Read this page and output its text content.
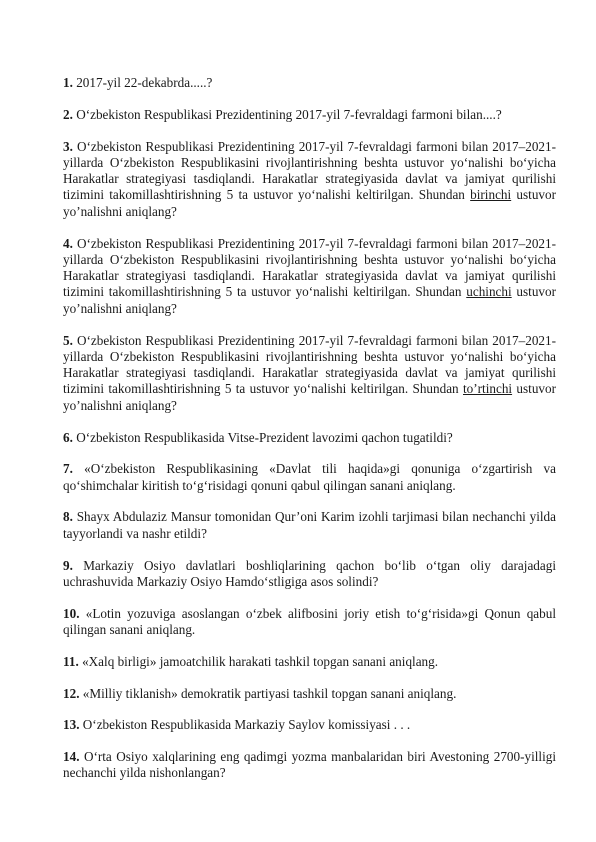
1. 2017-yil 22-dekabrda.....?

2. O‘zbekiston Respublikasi Prezidentining 2017-yil 7-fevraldagi farmoni bilan....?

3. O‘zbekiston Respublikasi Prezidentining 2017-yil 7-fevraldagi farmoni bilan 2017–2021-yillarda O‘zbekiston Respublikasini rivojlantirishning beshta ustuvor yo‘nalishi bo‘yicha Harakatlar strategiyasi tasdiqlandi. Harakatlar strategiyasida davlat va jamiyat qurilishi tizimini takomillashtirishning 5 ta ustuvor yo‘nalishi keltirilgan. Shundan birinchi ustuvor yo’nalishni aniqlang?

4. O‘zbekiston Respublikasi Prezidentining 2017-yil 7-fevraldagi farmoni bilan 2017–2021-yillarda O‘zbekiston Respublikasini rivojlantirishning beshta ustuvor yo‘nalishi bo‘yicha Harakatlar strategiyasi tasdiqlandi. Harakatlar strategiyasida davlat va jamiyat qurilishi tizimini takomillashtirishning 5 ta ustuvor yo‘nalishi keltirilgan. Shundan uchinchi ustuvor yo’nalishni aniqlang?

5. O‘zbekiston Respublikasi Prezidentining 2017-yil 7-fevraldagi farmoni bilan 2017–2021-yillarda O‘zbekiston Respublikasini rivojlantirishning beshta ustuvor yo‘nalishi bo‘yicha Harakatlar strategiyasi tasdiqlandi. Harakatlar strategiyasida davlat va jamiyat qurilishi tizimini takomillashtirishning 5 ta ustuvor yo‘nalishi keltirilgan. Shundan to’rtinchi ustuvor yo’nalishni aniqlang?

6. O‘zbekiston Respublikasida Vitse-Prezident lavozimi qachon tugatildi?

7. «O‘zbekiston Respublikasining «Davlat tili haqida»gi qonuniga o‘zgartirish va qo‘shimchalar kiritish to‘g‘risidagi qonuni qabul qilingan sanani aniqlang.

8. Shayx Abdulaziz Mansur tomonidan Qur’oni Karim izohli tarjimasi bilan nechanchi yilda tayyorlandi va nashr etildi?

9. Markaziy Osiyo davlatlari boshliqlarining qachon bo‘lib o‘tgan oliy darajadagi uchrashuvida Markaziy Osiyo Hamdo‘stligiga asos solindi?

10. «Lotin yozuviga asoslangan o‘zbek alifbosini joriy etish to‘g‘risida»gi Qonun qabul qilingan sanani aniqlang.

11. «Xalq birligi» jamoatchilik harakati tashkil topgan sanani aniqlang.

12. «Milliy tiklanish» demokratik partiyasi tashkil topgan sanani aniqlang.

13. O‘zbekiston Respublikasida Markaziy Saylov komissiyasi . . .

14. O‘rta Osiyo xalqlarining eng qadimgi yozma manbalaridan biri Avestoning 2700-yilligi nechanchi yilda nishonlangan?
